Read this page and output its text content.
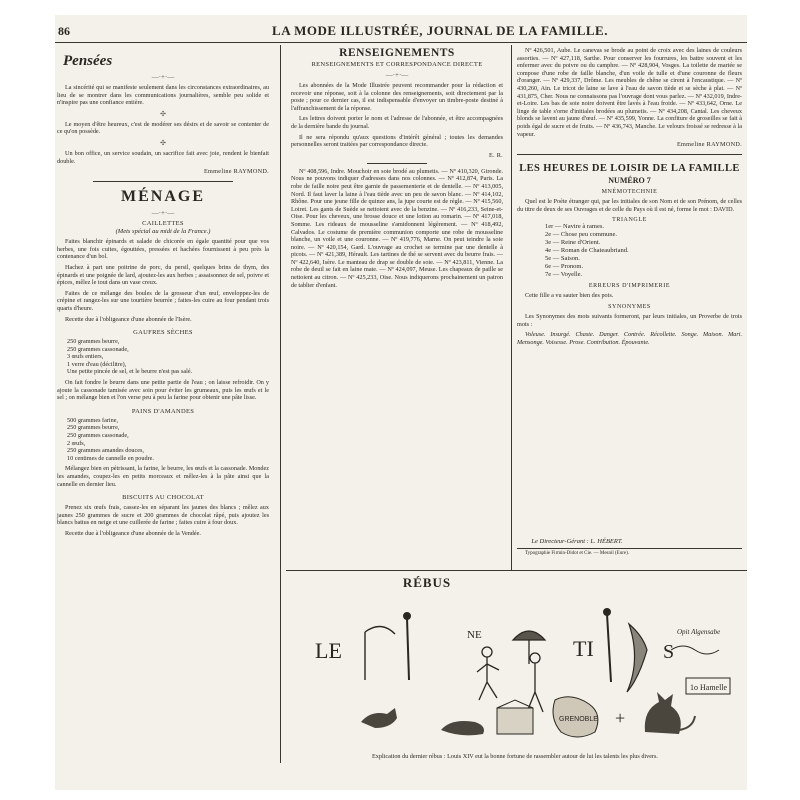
86	LA MODE ILLUSTRÉE, JOURNAL DE LA FAMILLE.
Pensées
—·+·—

La sincérité qui se manifeste seulement dans les circonstances extraordinaires, au lieu de se montrer dans les communications journalières, semble peu solide et n'inspire pas une confiance entière.

✣

Le moyen d'être heureux, c'est de modérer ses désirs et de savoir se contenter de ce qu'on possède.

✣

Un bon office, un service soudain, un sacrifice fait avec joie, rendent le bienfait double.

Emmeline RAYMOND.
MÉNAGE
—·+·—
CAILLETTES
(Mets spécial au midi de la France.)

Faites blanchir épinards et salade de chicorée en égale quantité pour que vos herbes, une fois cuites, égouttées, pressées et hachées fournissent à peu près la contenance d'un bol.

Hachez à part une poitrine de porc, du persil, quelques brins de thym, des épinards et une poignée de lard, ajoutez-les aux herbes ; assaisonnez de sel, poivre et épices, mêlez le tout dans un vase creux.

Faites de ce mélange des boules de la grosseur d'un œuf, enveloppez-les de crépine et rangez-les sur une tourtière beurrée ; faites-les cuire au four pendant trois quarts d'heure.

Recette due à l'obligeance d'une abonnée de l'Isère.

GAUFRES SÈCHES
250 grammes beurre,
250 grammes cassonade,
3 œufs entiers,
1 verre d'eau (décilitre),
Une petite pincée de sel, et le beurre n'est pas salé.

On fait fondre le beurre dans une petite partie de l'eau ; on laisse refroidir. On y ajoute la cassonade tamisée avec soin pour éviter les grumeaux, puis les œufs et le sel ; on mélange bien et l'on verse peu à peu la farine pour obtenir une pâte lisse.

PAINS D'AMANDES
500 grammes farine,
250 grammes beurre,
250 grammes cassonade,
2 œufs,
250 grammes amandes douces,
10 centimes de cannelle en poudre.

Mélangez bien en pétrissant, la farine, le beurre, les œufs et la cassonade. Mondez les amandes, coupez-les en petits morceaux et mêlez-les à la pâte ainsi que la cannelle en dernier lieu.

BISCUITS AU CHOCOLAT

Prenez six œufs frais, cassez-les en séparant les jaunes des blancs ; mêlez aux jaunes 250 grammes de sucre et 200 grammes de chocolat râpé, puis ajoutez les blancs battus en neige et une cuillerée de farine ; faites cuire à four doux.

Recette due à l'obligeance d'une abonnée de la Vendée.

RENSEIGNEMENTS
RENSEIGNEMENTS ET CORRESPONDANCE DIRECTE
—·+·—

Les abonnées de la Mode Illustrée peuvent recommander pour la rédaction et recevoir une réponse, soit à la colonne des renseignements, soit directement par la poste ; pour ce dernier cas, il est indispensable d'envoyer un timbre-poste destiné à l'affranchissement de la réponse.

Les lettres doivent porter le nom et l'adresse de l'abonnée, et être accompagnées de la dernière bande du journal.

Il ne sera répondu qu'aux questions d'intérêt général ; toutes les demandes personnelles seront traitées par correspondance directe.

E. R.

Nº 408,596, Indre. Mouchoir en soie brodé au plumetis. — Nº 410,320, Gironde. Nous ne pouvons indiquer d'adresses dans nos colonnes. — Nº 412,874, Paris. La robe de faille noire peut être garnie de passementerie et de dentelle. — Nº 413,005, Nord. Il faut laver la laine à l'eau tiède avec un peu de savon blanc. — Nº 414,102, Rhône. Pour une jeune fille de quinze ans, la jupe courte est de règle. — Nº 415,560, Loiret. Les gants de Suède se nettoient avec de la benzine. — Nº 416,233, Seine-et-Oise. Pour les cheveux, une brosse douce et une lotion au romarin. — Nº 417,018, Somme. Les rideaux de mousseline s'amidonnent légèrement. — Nº 418,492, Calvados. Le costume de première communion comporte une robe de mousseline blanche, un voile et une couronne. — Nº 419,776, Marne. On peut teindre la soie noire. — Nº 420,154, Gard. L'ouvrage au crochet se termine par une dentelle à picots. — Nº 421,389, Hérault. Les tartines de thé se servent avec du beurre frais. — Nº 422,640, Isère. Le manteau de drap se double de soie. — Nº 423,811, Vienne. La robe de deuil se fait en laine mate. — Nº 424,097, Meuse. Les chapeaux de paille se nettoient au citron. — Nº 425,233, Oise. Nous indiquerons prochainement un patron de tablier d'enfant.

Nº 426,501, Aube. Le canevas se brode au point de croix avec des laines de couleurs assorties. — Nº 427,118, Sarthe. Pour conserver les fourrures, les battre souvent et les enfermer avec du poivre ou du camphre. — Nº 428,904, Vosges. La toilette de mariée se compose d'une robe de faille blanche, d'un voile de tulle et d'une couronne de fleurs d'oranger. — Nº 429,337, Drôme. Les meubles de chêne se cirent à l'encaustique. — Nº 430,260, Ain. Le tricot de laine se lave à l'eau de savon tiède et se sèche à plat. — Nº 431,875, Cher. Nous ne connaissons pas l'ouvrage dont vous parlez. — Nº 432,019, Indre-et-Loire. Les bas de soie noire doivent être lavés à l'eau froide. — Nº 433,642, Orne. Le linge de table s'orne d'initiales brodées au plumetis. — Nº 434,208, Cantal. Les cheveux blonds se lavent au jaune d'œuf. — Nº 435,599, Yonne. La confiture de groseilles se fait à poids égal de sucre et de fruits. — Nº 436,743, Manche. Le velours froissé se redresse à la vapeur.

Emmeline RAYMOND.
LES HEURES DE LOISIR DE LA FAMILLE
NUMÉRO 7
MNÉMOTECHNIE

Quel est le Poète étranger qui, par les initiales de son Nom et de son Prénom, de celles du titre de deux de ses Ouvrages et de celle du Pays où il est né, forme le mot : DAVID.

TRIANGLE
1er — Navire à rames.
2e — Chose peu commune.
3e — Reine d'Orient.
4e — Roman de Chateaubriand.
5e — Saison.
6e — Pronom.
7e — Voyelle.
ERREURS D'IMPRIMERIE

Cette fille a vu sauter bien des pois.

SYNONYMES

Les Synonymes des mots suivants formeront, par leurs initiales, un Proverbe de trois mots :

Voleuse. Insurgé. Chaste. Danger. Contrée. Récollette. Songe. Maison. Mari. Mensonge. Voisesse. Prose. Contribution. Épouvante.

Le Directeur-Gérant : L. HÉBERT.
Typographie Firmin-Didot et Cie. — Mesnil (Eure).
RÉBUS
LE
NE
TI	S
Opit Algensabe
1o Hamelle
GRENOBLE +
Explication du dernier rébus : Louis XIV eut la bonne fortune de rassembler autour de lui les talents les plus divers.
